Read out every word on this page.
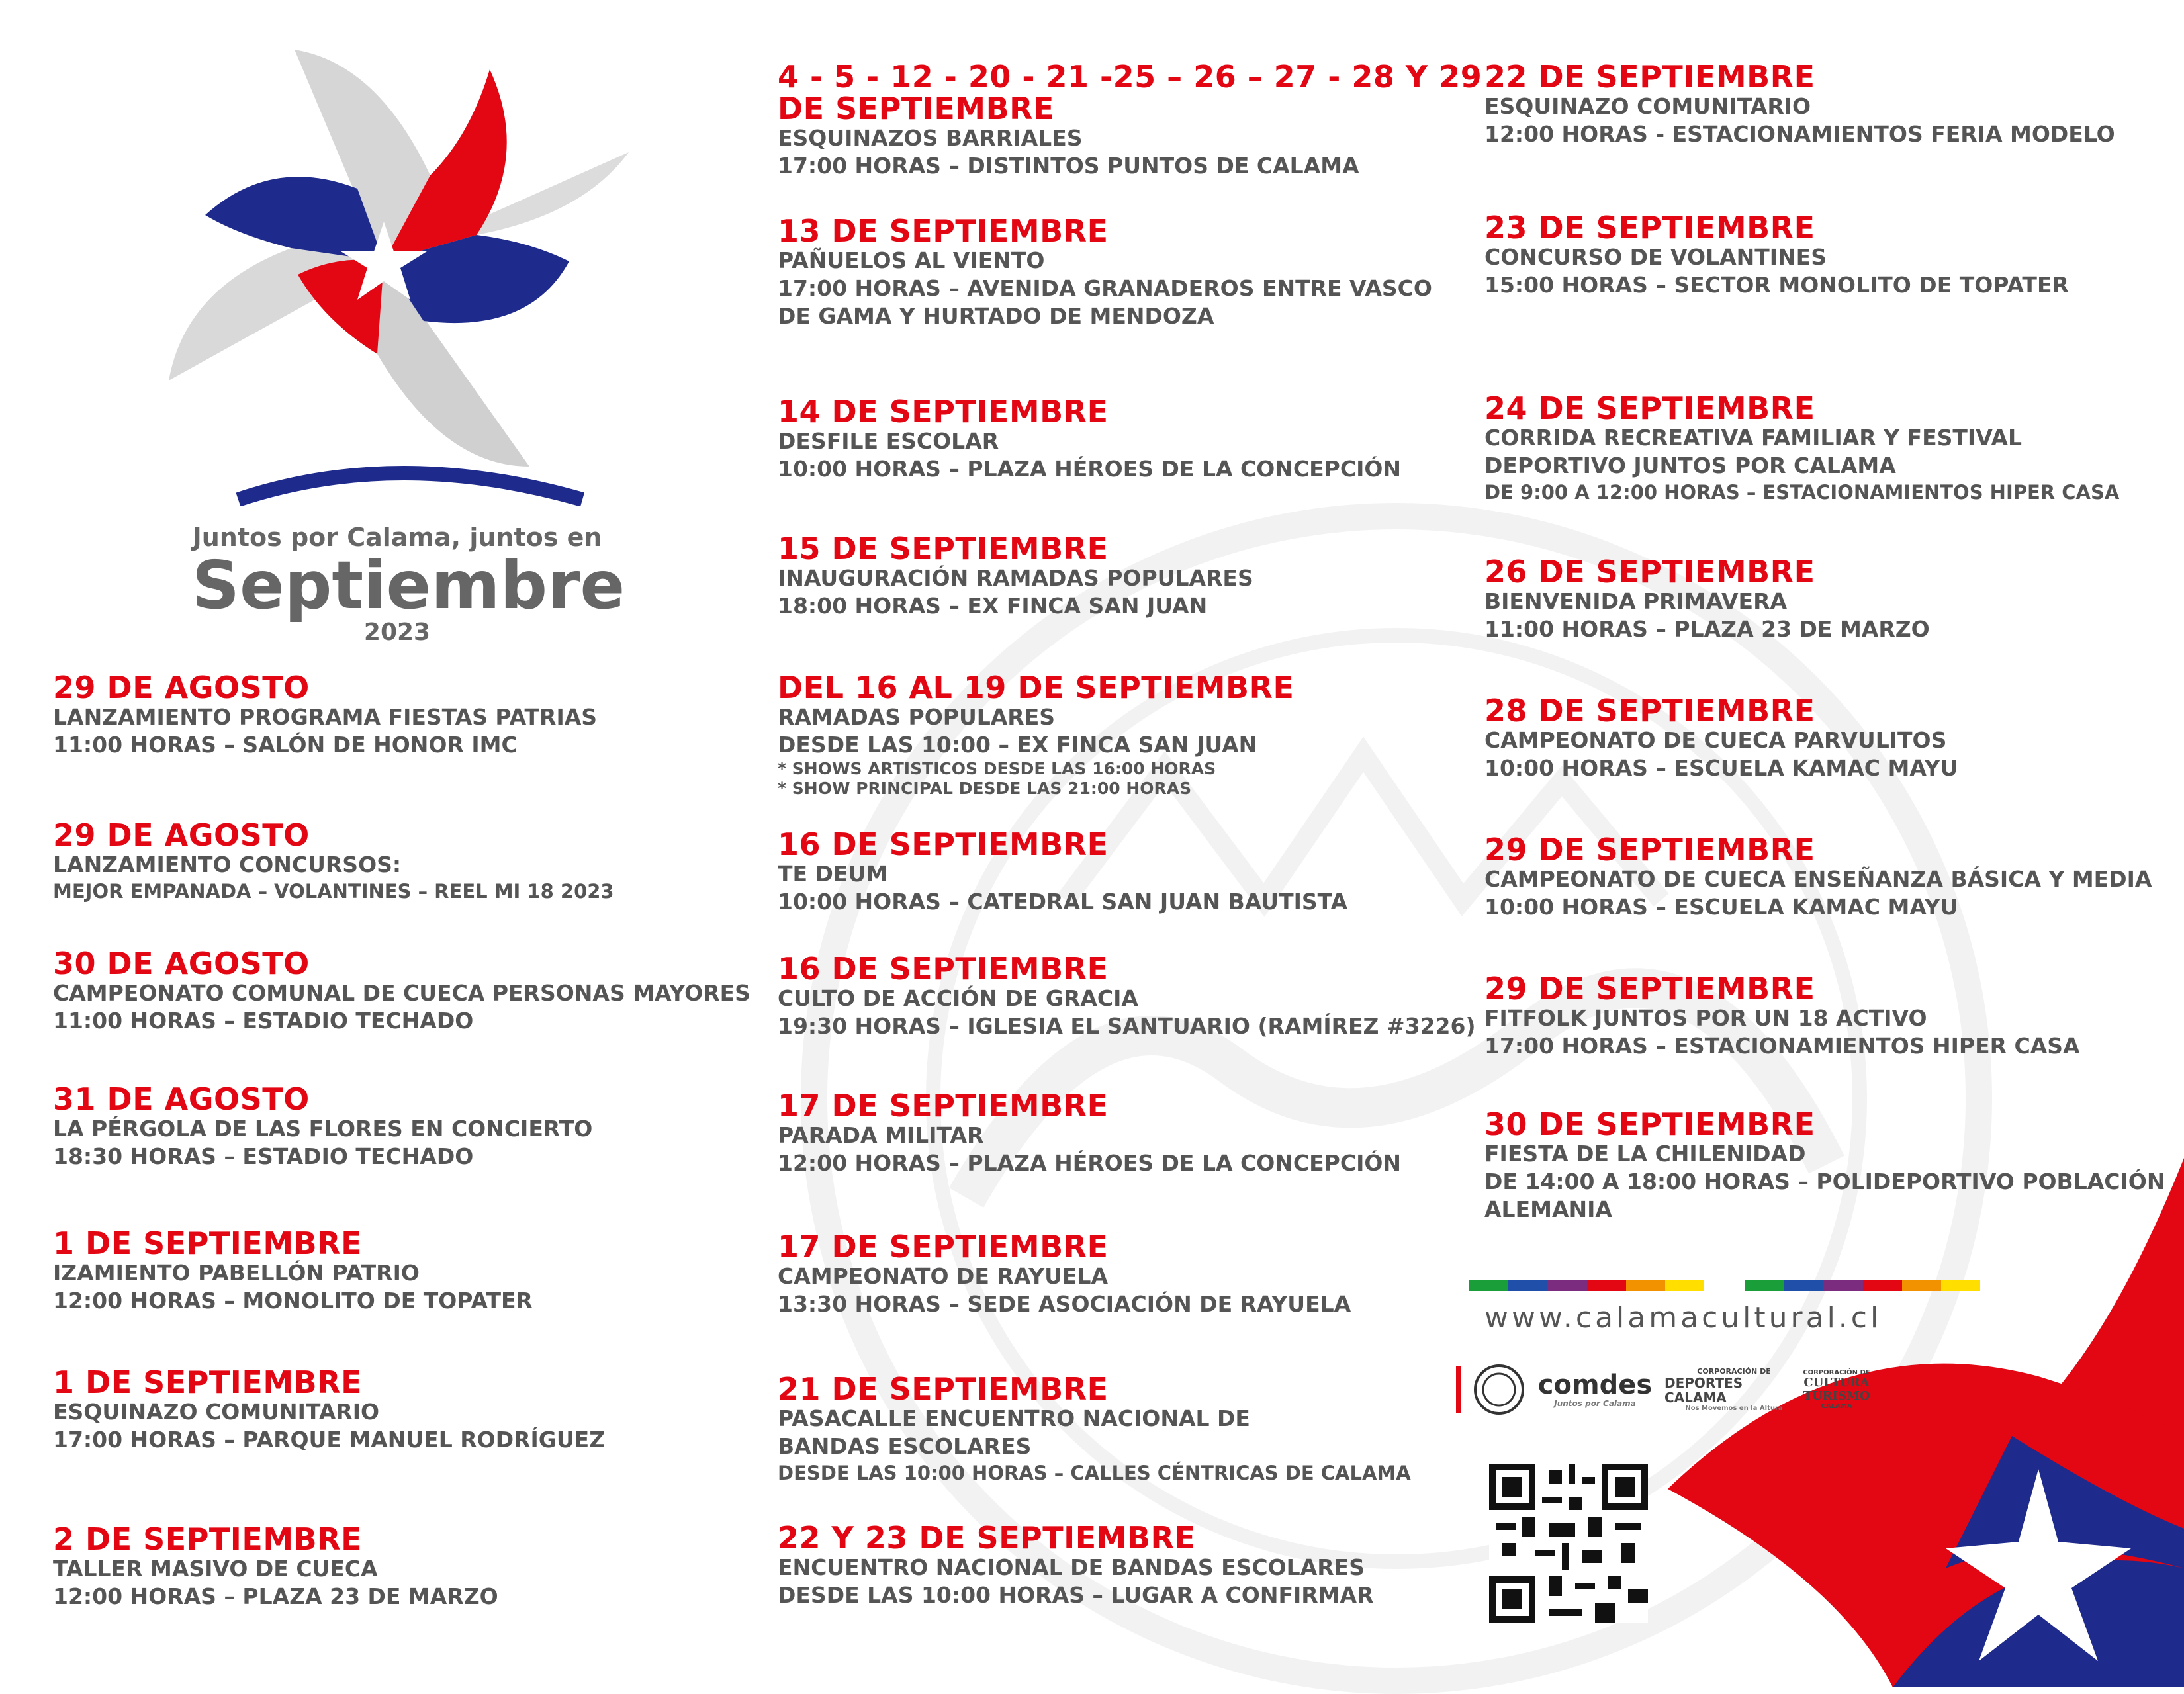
Juntos por Calama, juntos en
Septiembre
2023
29 DE AGOSTO
LANZAMIENTO PROGRAMA FIESTAS PATRIAS
11:00 HORAS – SALÓN DE HONOR IMC
29 DE AGOSTO
LANZAMIENTO CONCURSOS:
MEJOR EMPANADA – VOLANTINES – REEL MI 18 2023
30 DE AGOSTO
CAMPEONATO COMUNAL DE CUECA PERSONAS MAYORES
11:00 HORAS – ESTADIO TECHADO
31 DE AGOSTO
LA PÉRGOLA DE LAS FLORES EN CONCIERTO
18:30 HORAS – ESTADIO TECHADO
1 DE SEPTIEMBRE
IZAMIENTO PABELLÓN PATRIO
12:00 HORAS – MONOLITO DE TOPATER
1 DE SEPTIEMBRE
ESQUINAZO COMUNITARIO
17:00 HORAS – PARQUE MANUEL RODRÍGUEZ
2 DE SEPTIEMBRE
TALLER MASIVO DE CUECA
12:00 HORAS – PLAZA 23 DE MARZO
4 - 5 - 12 - 20 - 21 -25 – 26 – 27 - 28 Y 29
DE SEPTIEMBRE
ESQUINAZOS BARRIALES
17:00 HORAS – DISTINTOS PUNTOS DE CALAMA
13 DE SEPTIEMBRE
PAÑUELOS AL VIENTO
17:00 HORAS – AVENIDA GRANADEROS ENTRE VASCO
DE GAMA Y HURTADO DE MENDOZA
14 DE SEPTIEMBRE
DESFILE ESCOLAR
10:00 HORAS – PLAZA HÉROES DE LA CONCEPCIÓN
15 DE SEPTIEMBRE
INAUGURACIÓN RAMADAS POPULARES
18:00 HORAS – EX FINCA SAN JUAN
DEL 16 AL 19 DE SEPTIEMBRE
RAMADAS POPULARES
DESDE LAS 10:00 – EX FINCA SAN JUAN
* SHOWS ARTISTICOS DESDE LAS 16:00 HORAS
* SHOW PRINCIPAL DESDE LAS 21:00 HORAS
16 DE SEPTIEMBRE
TE DEUM
10:00 HORAS – CATEDRAL SAN JUAN BAUTISTA
16 DE SEPTIEMBRE
CULTO DE ACCIÓN DE GRACIA
19:30 HORAS – IGLESIA EL SANTUARIO (RAMÍREZ #3226)
17 DE SEPTIEMBRE
PARADA MILITAR
12:00 HORAS – PLAZA HÉROES DE LA CONCEPCIÓN
17 DE SEPTIEMBRE
CAMPEONATO DE RAYUELA
13:30 HORAS – SEDE ASOCIACIÓN DE RAYUELA
21 DE SEPTIEMBRE
PASACALLE ENCUENTRO NACIONAL DE
BANDAS ESCOLARES
DESDE LAS 10:00 HORAS – CALLES CÉNTRICAS DE CALAMA
22 Y 23 DE SEPTIEMBRE
ENCUENTRO NACIONAL DE BANDAS ESCOLARES
DESDE LAS 10:00 HORAS – LUGAR A CONFIRMAR
22 DE SEPTIEMBRE
ESQUINAZO COMUNITARIO
12:00 HORAS - ESTACIONAMIENTOS FERIA MODELO
23 DE SEPTIEMBRE
CONCURSO DE VOLANTINES
15:00 HORAS – SECTOR MONOLITO DE TOPATER
24 DE SEPTIEMBRE
CORRIDA RECREATIVA FAMILIAR Y FESTIVAL
DEPORTIVO JUNTOS POR CALAMA
DE 9:00 A 12:00 HORAS – ESTACIONAMIENTOS HIPER CASA
26 DE SEPTIEMBRE
BIENVENIDA PRIMAVERA
11:00 HORAS – PLAZA 23 DE MARZO
28 DE SEPTIEMBRE
CAMPEONATO DE CUECA PARVULITOS
10:00 HORAS – ESCUELA KAMAC MAYU
29 DE SEPTIEMBRE
CAMPEONATO DE CUECA ENSEÑANZA BÁSICA Y MEDIA
10:00 HORAS – ESCUELA KAMAC MAYU
29 DE SEPTIEMBRE
FITFOLK JUNTOS POR UN 18 ACTIVO
17:00 HORAS – ESTACIONAMIENTOS HIPER CASA
30 DE SEPTIEMBRE
FIESTA DE LA CHILENIDAD
DE 14:00 A 18:00 HORAS – POLIDEPORTIVO POBLACIÓN
ALEMANIA
www.calamacultural.cl
comdes
Juntos por Calama
CORPORACIÓN DE
DEPORTES CALAMA
Nos Movemos en la Altura
CORPORACIÓN DE
CULTURA TURISMO
CALAMA
